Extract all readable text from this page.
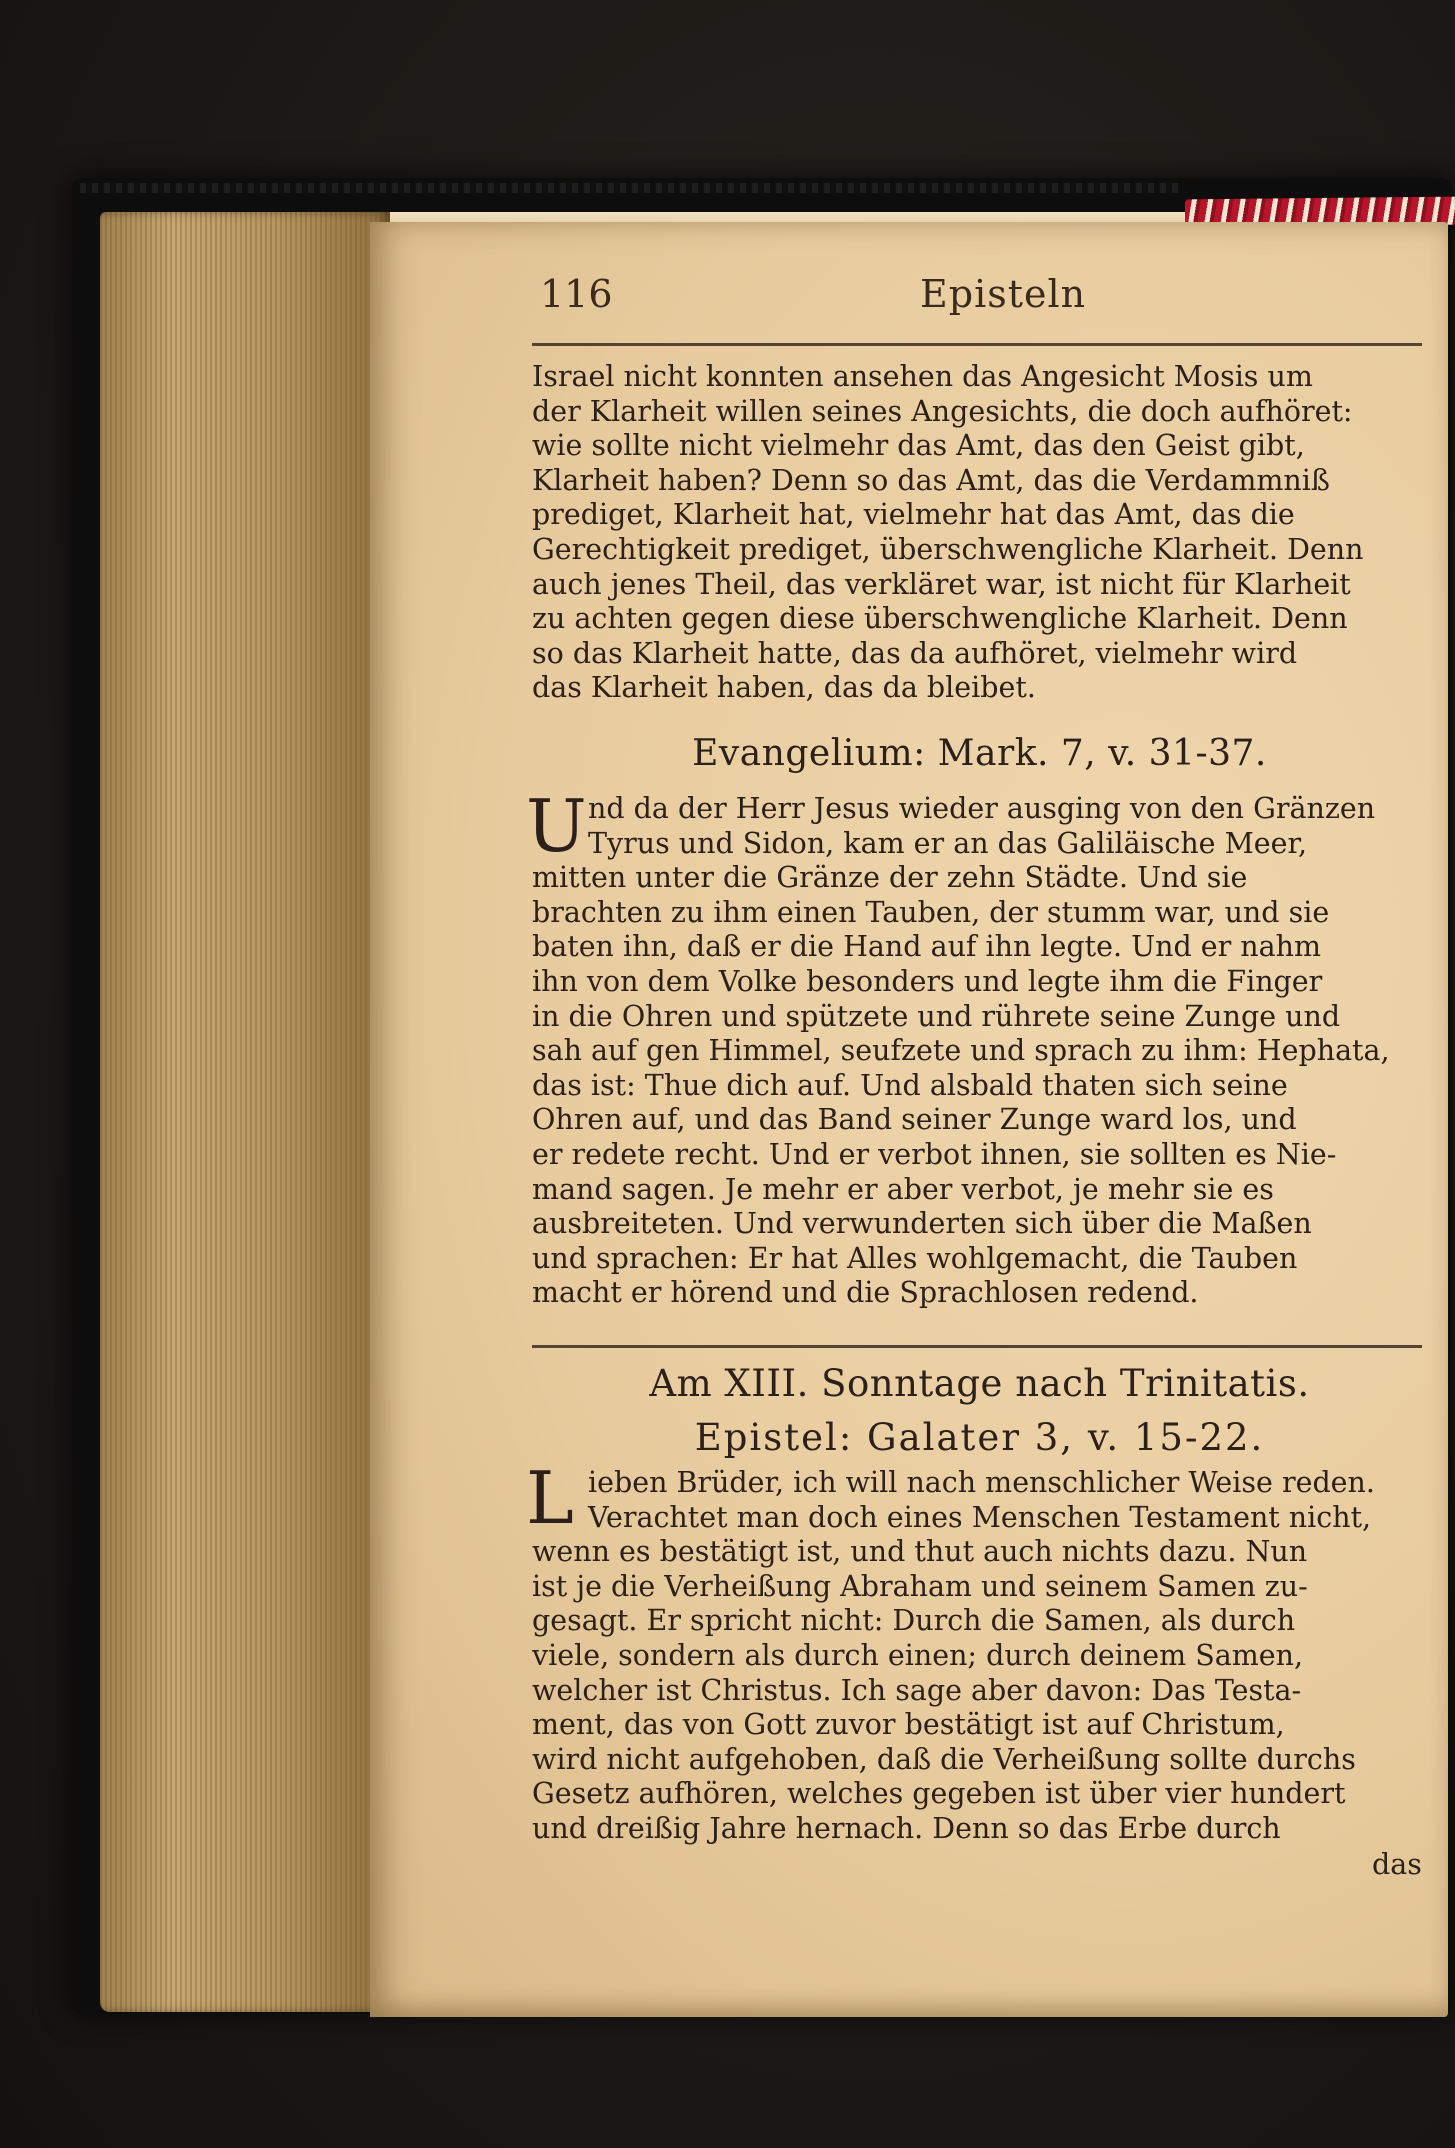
116	Episteln
Israel nicht konnten ansehen das Angesicht Mosis um
der Klarheit willen seines Angesichts, die doch aufhöret:
wie sollte nicht vielmehr das Amt, das den Geist gibt,
Klarheit haben? Denn so das Amt, das die Verdammniß
prediget, Klarheit hat, vielmehr hat das Amt, das die
Gerechtigkeit prediget, überschwengliche Klarheit. Denn
auch jenes Theil, das verkläret war, ist nicht für Klarheit
zu achten gegen diese überschwengliche Klarheit. Denn
so das Klarheit hatte, das da aufhöret, vielmehr wird
das Klarheit haben, das da bleibet.
Evangelium: Mark. 7, v. 31-37.
U nd da der Herr Jesus wieder ausging von den Gränzen
Tyrus und Sidon, kam er an das Galiläische Meer,
mitten unter die Gränze der zehn Städte. Und sie
brachten zu ihm einen Tauben, der stumm war, und sie
baten ihn, daß er die Hand auf ihn legte. Und er nahm
ihn von dem Volke besonders und legte ihm die Finger
in die Ohren und spützete und rührete seine Zunge und
sah auf gen Himmel, seufzete und sprach zu ihm: Hephata,
das ist: Thue dich auf. Und alsbald thaten sich seine
Ohren auf, und das Band seiner Zunge ward los, und
er redete recht. Und er verbot ihnen, sie sollten es Nie-
mand sagen. Je mehr er aber verbot, je mehr sie es
ausbreiteten. Und verwunderten sich über die Maßen
und sprachen: Er hat Alles wohlgemacht, die Tauben
macht er hörend und die Sprachlosen redend.
Am XIII. Sonntage nach Trinitatis.
Epistel: Galater 3, v. 15-22.
L ieben Brüder, ich will nach menschlicher Weise reden.
Verachtet man doch eines Menschen Testament nicht,
wenn es bestätigt ist, und thut auch nichts dazu. Nun
ist je die Verheißung Abraham und seinem Samen zu-
gesagt. Er spricht nicht: Durch die Samen, als durch
viele, sondern als durch einen; durch deinem Samen,
welcher ist Christus. Ich sage aber davon: Das Testa-
ment, das von Gott zuvor bestätigt ist auf Christum,
wird nicht aufgehoben, daß die Verheißung sollte durchs
Gesetz aufhören, welches gegeben ist über vier hundert
und dreißig Jahre hernach. Denn so das Erbe durch
das
